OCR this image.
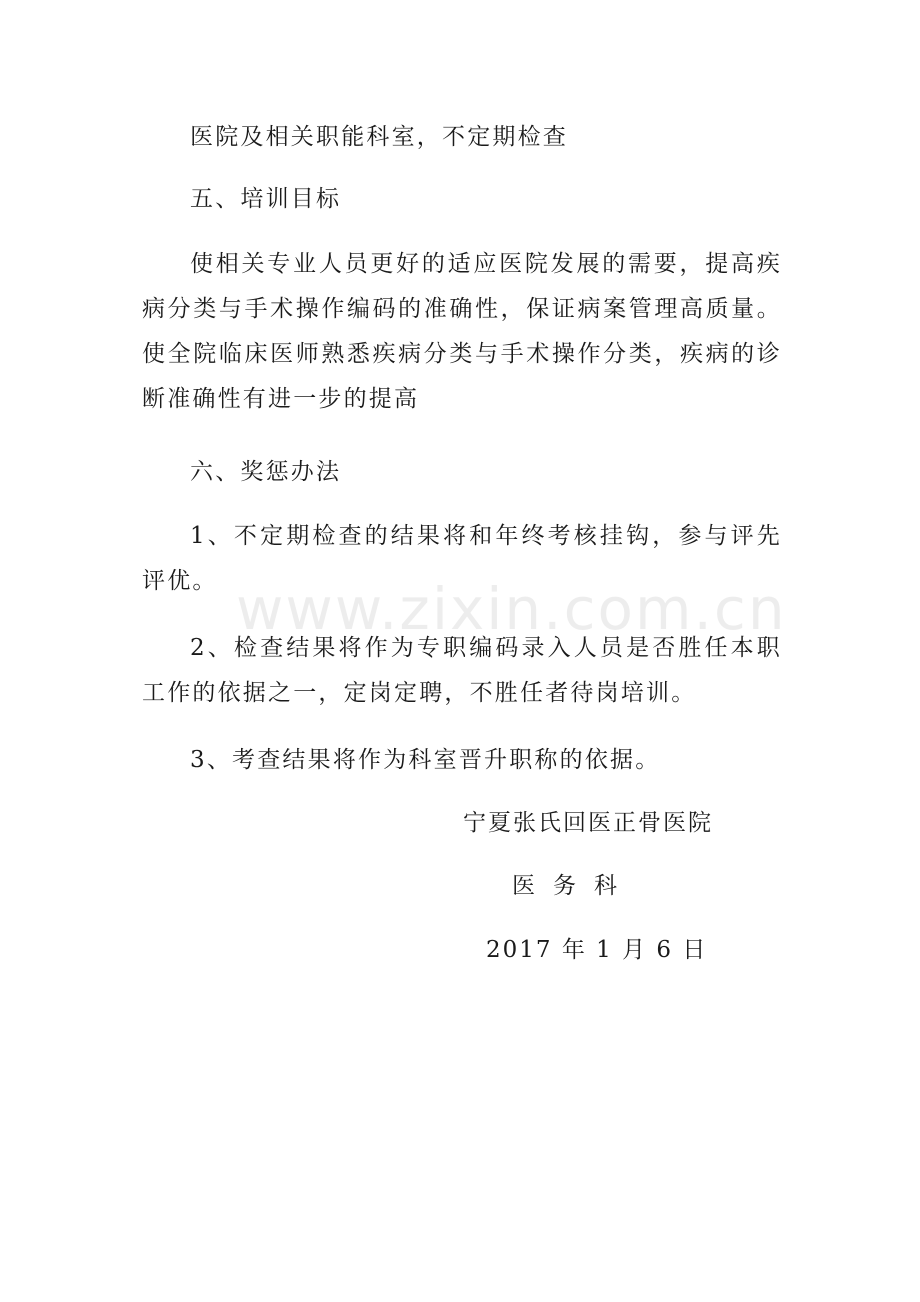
www.zixin.com.cn
医院及相关职能科室，不定期检查
五、培训目标
使相关专业人员更好的适应医院发展的需要，提高疾病分类与手术操作编码的准确性，保证病案管理高质量。使全院临床医师熟悉疾病分类与手术操作分类，疾病的诊断准确性有进一步的提高
六、奖惩办法
1、不定期检查的结果将和年终考核挂钩，参与评先评优。
2、检查结果将作为专职编码录入人员是否胜任本职工作的依据之一，定岗定聘，不胜任者待岗培训。
3、考查结果将作为科室晋升职称的依据。
宁夏张氏回医正骨医院
医务科
2017 年 1 月 6 日
